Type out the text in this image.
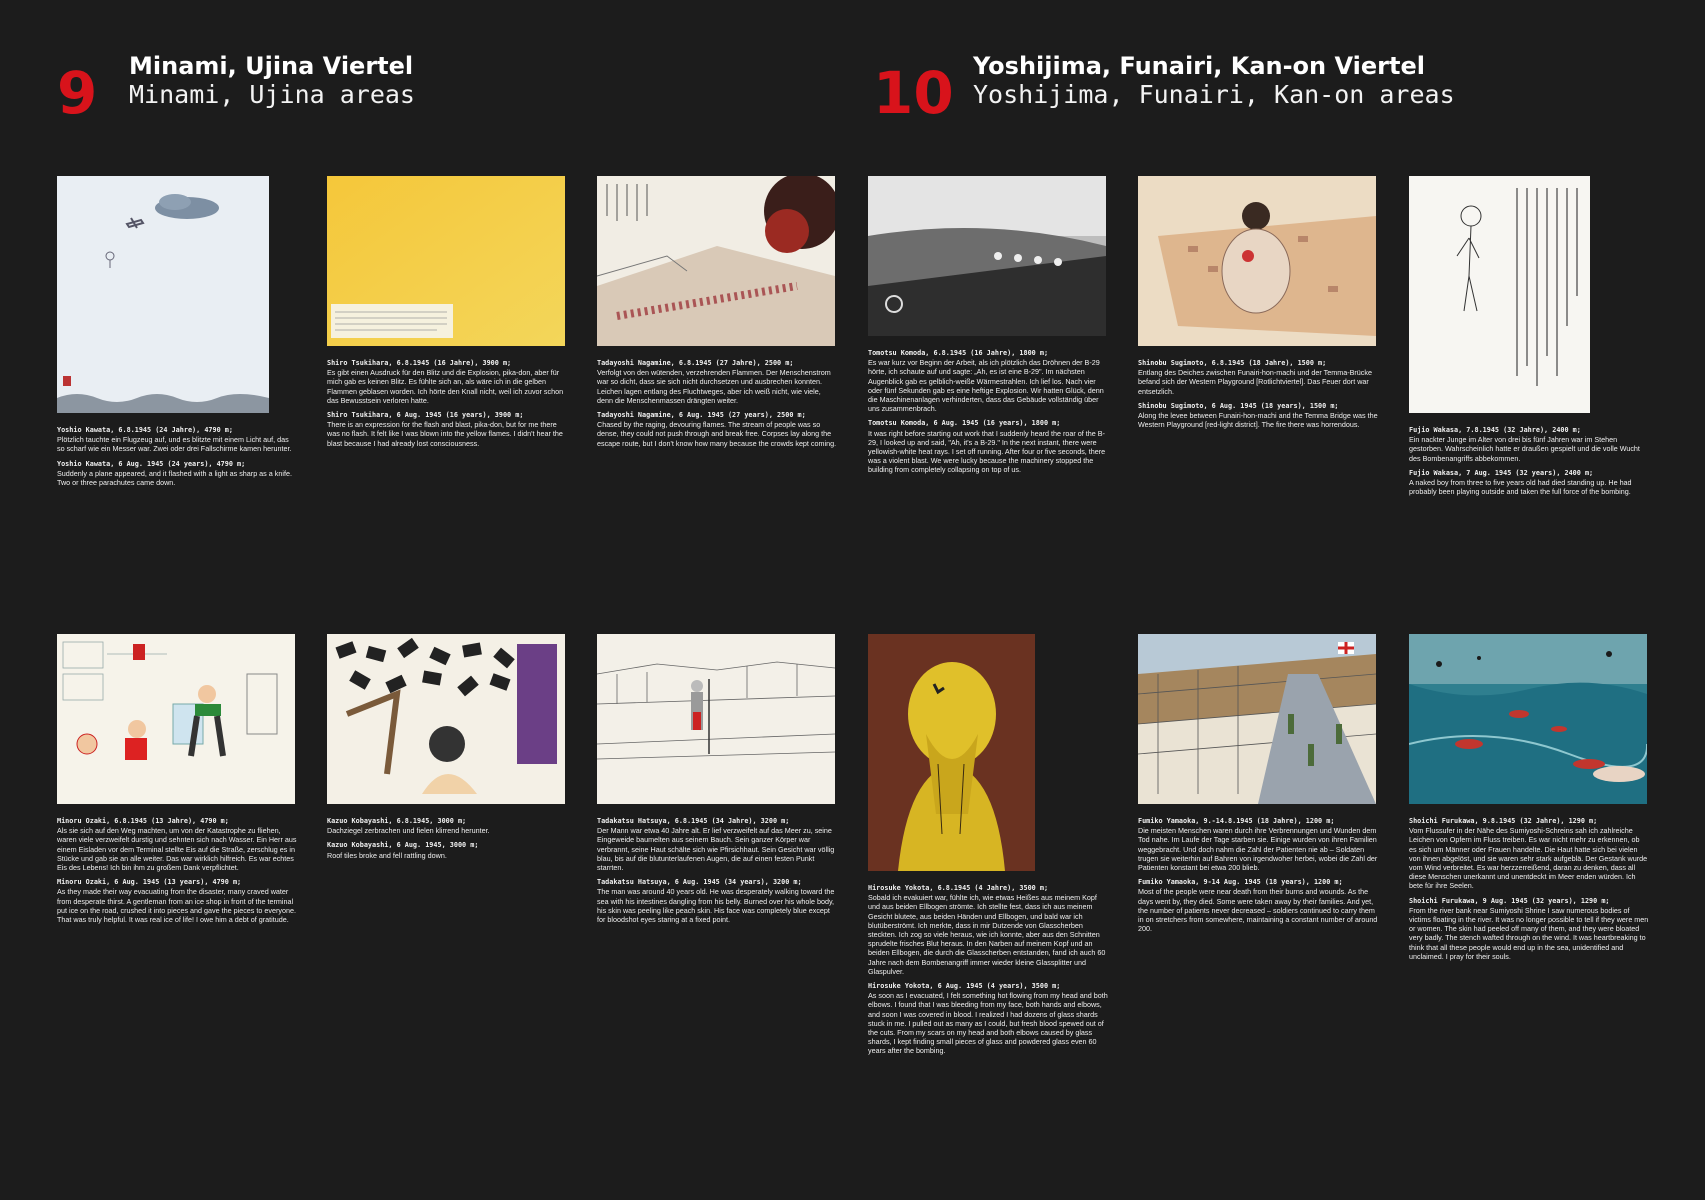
9 Minami, Ujina Viertel
Minami, Ujina areas	10 Yoshijima, Funairi, Kan-on Viertel
Yoshijima, Funairi, Kan-on areas

Yoshio Kawata, 6.8.1945 (24 Jahre), 4790 m;
Plötzlich tauchte ein Flugzeug auf, und es blitzte mit einem Licht auf, das so scharf wie ein Messer war. Zwei oder drei Fallschirme kamen herunter.

Yoshio Kawata, 6 Aug. 1945 (24 years), 4790 m;
Suddenly a plane appeared, and it flashed with a light as sharp as a knife. Two or three parachutes came down.

Shiro Tsukihara, 6.8.1945 (16 Jahre), 3900 m;
Es gibt einen Ausdruck für den Blitz und die Explosion, pika-don, aber für mich gab es keinen Blitz. Es fühlte sich an, als wäre ich in die gelben Flammen geblasen worden. Ich hörte den Knall nicht, weil ich zuvor schon das Bewusstsein verloren hatte.

Shiro Tsukihara, 6 Aug. 1945 (16 years), 3900 m;
There is an expression for the flash and blast, pika-don, but for me there was no flash. It felt like I was blown into the yellow flames. I didn't hear the blast because I had already lost consciousness.

Tadayoshi Nagamine, 6.8.1945 (27 Jahre), 2500 m;
Verfolgt von den wütenden, verzehrenden Flammen. Der Menschenstrom war so dicht, dass sie sich nicht durchsetzen und ausbrechen konnten. Leichen lagen entlang des Fluchtweges, aber ich weiß nicht, wie viele, denn die Menschenmassen drängten weiter.

Tadayoshi Nagamine, 6 Aug. 1945 (27 years), 2500 m;
Chased by the raging, devouring flames. The stream of people was so dense, they could not push through and break free. Corpses lay along the escape route, but I don't know how many because the crowds kept coming.

Tomotsu Komoda, 6.8.1945 (16 Jahre), 1800 m;
Es war kurz vor Beginn der Arbeit, als ich plötzlich das Dröhnen der B-29 hörte, ich schaute auf und sagte: „Ah, es ist eine B-29". Im nächsten Augenblick gab es gelblich-weiße Wärmestrahlen. Ich lief los. Nach vier oder fünf Sekunden gab es eine heftige Explosion. Wir hatten Glück, denn die Maschinenanlagen verhinderten, dass das Gebäude vollständig über uns zusammenbrach.

Tomotsu Komoda, 6 Aug. 1945 (16 years), 1800 m;
It was right before starting out work that I suddenly heard the roar of the B-29, I looked up and said, "Ah, it's a B-29." In the next instant, there were yellowish-white heat rays. I set off running. After four or five seconds, there was a violent blast. We were lucky because the machinery stopped the building from completely collapsing on top of us.

Shinobu Sugimoto, 6.8.1945 (18 Jahre), 1500 m;
Entlang des Deiches zwischen Funairi-hon-machi und der Temma-Brücke befand sich der Western Playground [Rotlichtviertel]. Das Feuer dort war entsetzlich.

Shinobu Sugimoto, 6 Aug. 1945 (18 years), 1500 m;
Along the levee between Funairi-hon-machi and the Temma Bridge was the Western Playground [red-light district]. The fire there was horrendous.

Fujio Wakasa, 7.8.1945 (32 Jahre), 2400 m;
Ein nackter Junge im Alter von drei bis fünf Jahren war im Stehen gestorben. Wahrscheinlich hatte er draußen gespielt und die volle Wucht des Bombenangriffs abbekommen.

Fujio Wakasa, 7 Aug. 1945 (32 years), 2400 m;
A naked boy from three to five years old had died standing up. He had probably been playing outside and taken the full force of the bombing.

Minoru Ozaki, 6.8.1945 (13 Jahre), 4790 m;
Als sie sich auf den Weg machten, um von der Katastrophe zu fliehen, waren viele verzweifelt durstig und sehnten sich nach Wasser. Ein Herr aus einem Eisladen vor dem Terminal stellte Eis auf die Straße, zerschlug es in Stücke und gab sie an alle weiter. Das war wirklich hilfreich. Es war echtes Eis des Lebens! Ich bin ihm zu großem Dank verpflichtet.

Minoru Ozaki, 6 Aug. 1945 (13 years), 4790 m;
As they made their way evacuating from the disaster, many craved water from desperate thirst. A gentleman from an ice shop in front of the terminal put ice on the road, crushed it into pieces and gave the pieces to everyone. That was truly helpful. It was real ice of life! I owe him a debt of gratitude.

Kazuo Kobayashi, 6.8.1945, 3000 m;
Dachziegel zerbrachen und fielen klirrend herunter.

Kazuo Kobayashi, 6 Aug. 1945, 3000 m;
Roof tiles broke and fell rattling down.

Tadakatsu Hatsuya, 6.8.1945 (34 Jahre), 3200 m;
Der Mann war etwa 40 Jahre alt. Er lief verzweifelt auf das Meer zu, seine Eingeweide baumelten aus seinem Bauch. Sein ganzer Körper war verbrannt, seine Haut schälte sich wie Pfirsichhaut. Sein Gesicht war völlig blau, bis auf die blutunterlaufenen Augen, die auf einen festen Punkt starrten.

Tadakatsu Hatsuya, 6 Aug. 1945 (34 years), 3200 m;
The man was around 40 years old. He was desperately walking toward the sea with his intestines dangling from his belly. Burned over his whole body, his skin was peeling like peach skin. His face was completely blue except for bloodshot eyes staring at a fixed point.

Hirosuke Yokota, 6.8.1945 (4 Jahre), 3500 m;
Sobald ich evakuiert war, fühlte ich, wie etwas Heißes aus meinem Kopf und aus beiden Ellbogen strömte. Ich stellte fest, dass ich aus meinem Gesicht blutete, aus beiden Händen und Ellbogen, und bald war ich blutüberströmt. Ich merkte, dass in mir Dutzende von Glasscherben steckten. Ich zog so viele heraus, wie ich konnte, aber aus den Schnitten sprudelte frisches Blut heraus. In den Narben auf meinem Kopf und an beiden Ellbogen, die durch die Glasscherben entstanden, fand ich auch 60 Jahre nach dem Bombenangriff immer wieder kleine Glassplitter und Glaspulver.

Hirosuke Yokota, 6 Aug. 1945 (4 years), 3500 m;
As soon as I evacuated, I felt something hot flowing from my head and both elbows. I found that I was bleeding from my face, both hands and elbows, and soon I was covered in blood. I realized I had dozens of glass shards stuck in me. I pulled out as many as I could, but fresh blood spewed out of the cuts. From my scars on my head and both elbows caused by glass shards, I kept finding small pieces of glass and powdered glass even 60 years after the bombing.

Fumiko Yamaoka, 9.-14.8.1945 (18 Jahre), 1200 m;
Die meisten Menschen waren durch ihre Verbrennungen und Wunden dem Tod nahe. Im Laufe der Tage starben sie. Einige wurden von ihren Familien weggebracht. Und doch nahm die Zahl der Patienten nie ab – Soldaten trugen sie weiterhin auf Bahren von irgendwoher herbei, wobei die Zahl der Patienten konstant bei etwa 200 blieb.

Fumiko Yamaoka, 9-14 Aug. 1945 (18 years), 1200 m;
Most of the people were near death from their burns and wounds. As the days went by, they died. Some were taken away by their families. And yet, the number of patients never decreased – soldiers continued to carry them in on stretchers from somewhere, maintaining a constant number of around 200.

Shoichi Furukawa, 9.8.1945 (32 Jahre), 1290 m;
Vom Flussufer in der Nähe des Sumiyoshi-Schreins sah ich zahlreiche Leichen von Opfern im Fluss treiben. Es war nicht mehr zu erkennen, ob es sich um Männer oder Frauen handelte. Die Haut hatte sich bei vielen von ihnen abgelöst, und sie waren sehr stark aufgeblä. Der Gestank wurde vom Wind verbreitet. Es war herzzerreißend, daran zu denken, dass all diese Menschen unerkannt und unentdeckt im Meer enden würden. Ich bete für ihre Seelen.

Shoichi Furukawa, 9 Aug. 1945 (32 years), 1290 m;
From the river bank near Sumiyoshi Shrine I saw numerous bodies of victims floating in the river. It was no longer possible to tell if they were men or women. The skin had peeled off many of them, and they were bloated very badly. The stench wafted through on the wind. It was heartbreaking to think that all these people would end up in the sea, unidentified and unclaimed. I pray for their souls.
